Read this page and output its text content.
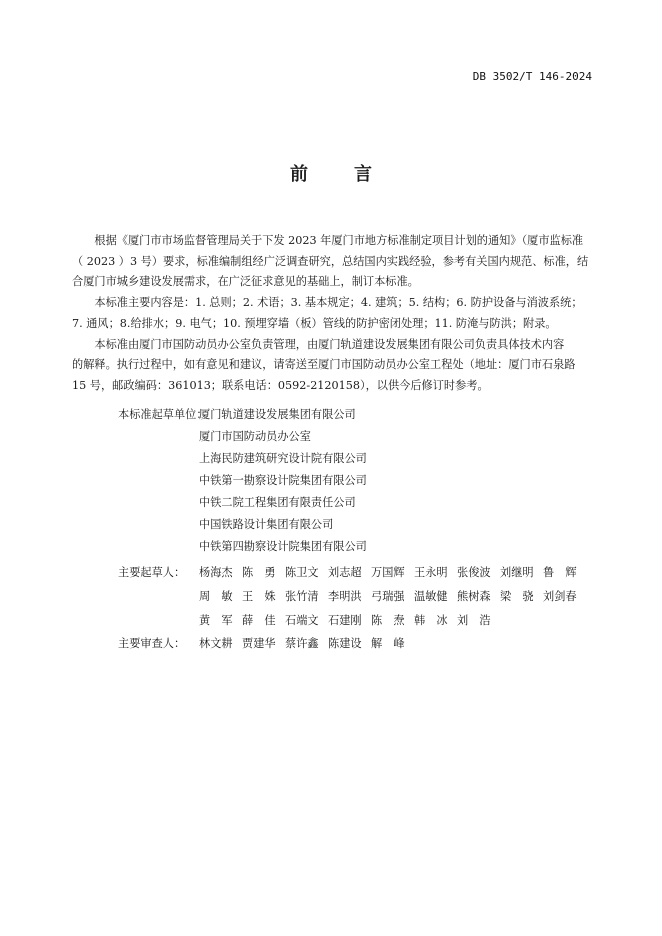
DB 3502/T 146-2024
前　言

根据《厦门市市场监督管理局关于下发 2023 年厦门市地方标准制定项目计划的通知》（厦市监标准
（ 2023 ）3 号）要求，标准编制组经广泛调查研究，总结国内实践经验，参考有关国内规范、标准，结
合厦门市城乡建设发展需求，在广泛征求意见的基础上，制订本标准。

本标准主要内容是：1. 总则；2. 术语；3. 基本规定；4. 建筑；5. 结构；6. 防护设备与消波系统；
7. 通风；8.给排水；9. 电气；10. 预埋穿墙（板）管线的防护密闭处理；11. 防淹与防洪；附录。

本标准由厦门市国防动员办公室负责管理，由厦门轨道建设发展集团有限公司负责具体技术内容
的解释。执行过程中，如有意见和建议，请寄送至厦门市国防动员办公室工程处（地址：厦门市石泉路
15 号，邮政编码：361013；联系电话：0592-2120158），以供今后修订时参考。

本标准起草单位：
厦门轨道建设发展集团有限公司
厦门市国防动员办公室
上海民防建筑研究设计院有限公司
中铁第一勘察设计院集团有限公司
中铁二院工程集团有限责任公司
中国铁路设计集团有限公司
中铁第四勘察设计院集团有限公司
主要起草人： 杨海杰 陈　勇 陈卫文 刘志超 万国辉 王永明 张俊波 刘继明 鲁　辉
周　敏 王　姝 张竹清 李明洪 弓瑞强 温敏健 熊树森 梁　骁 刘剑春
黄　军 薛　佳 石端文 石建刚 陈　焘 韩　冰 刘　浩
主要审查人： 林文耕 贾建华 蔡许鑫 陈建设 解　峰
